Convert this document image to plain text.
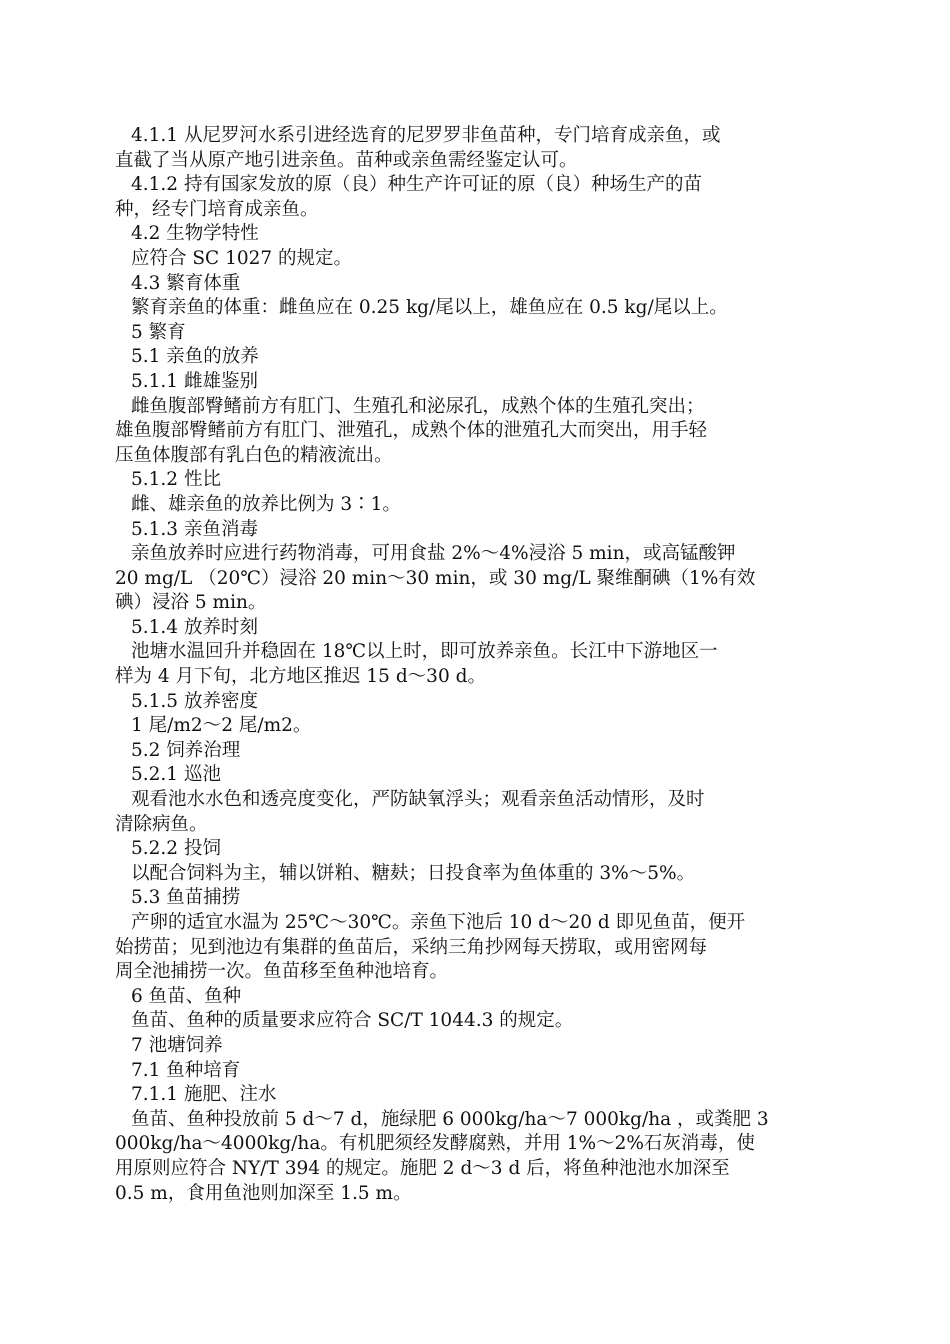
4.1.1 从尼罗河水系引进经选育的尼罗罗非鱼苗种，专门培育成亲鱼，或
直截了当从原产地引进亲鱼。苗种或亲鱼需经鉴定认可。
4.1.2 持有国家发放的原（良）种生产许可证的原（良）种场生产的苗
种，经专门培育成亲鱼。
4.2 生物学特性
应符合 SC 1027 的规定。
4.3 繁育体重
繁育亲鱼的体重：雌鱼应在 0.25 kg/尾以上，雄鱼应在 0.5 kg/尾以上。
5 繁育
5.1 亲鱼的放养
5.1.1 雌雄鉴别
雌鱼腹部臀鳍前方有肛门、生殖孔和泌尿孔，成熟个体的生殖孔突出；
雄鱼腹部臀鳍前方有肛门、泄殖孔，成熟个体的泄殖孔大而突出，用手轻
压鱼体腹部有乳白色的精液流出。
5.1.2 性比
雌、雄亲鱼的放养比例为 3∶1。
5.1.3 亲鱼消毒
亲鱼放养时应进行药物消毒，可用食盐 2%～4%浸浴 5 min，或高锰酸钾
20 mg/L （20℃）浸浴 20 min～30 min，或 30 mg/L 聚维酮碘（1%有效
碘）浸浴 5 min。
5.1.4 放养时刻
池塘水温回升并稳固在 18℃以上时，即可放养亲鱼。长江中下游地区一
样为 4 月下旬，北方地区推迟 15 d～30 d。
5.1.5 放养密度
1 尾/m2～2 尾/m2。
5.2 饲养治理
5.2.1 巡池
观看池水水色和透亮度变化，严防缺氧浮头；观看亲鱼活动情形，及时
清除病鱼。
5.2.2 投饲
以配合饲料为主，辅以饼粕、糖麸；日投食率为鱼体重的 3%～5%。
5.3 鱼苗捕捞
产卵的适宜水温为 25℃～30℃。亲鱼下池后 10 d～20 d 即见鱼苗，便开
始捞苗；见到池边有集群的鱼苗后，采纳三角抄网每天捞取，或用密网每
周全池捕捞一次。鱼苗移至鱼种池培育。
6 鱼苗、鱼种
鱼苗、鱼种的质量要求应符合 SC/T 1044.3 的规定。
7 池塘饲养
7.1 鱼种培育
7.1.1 施肥、注水
鱼苗、鱼种投放前 5 d～7 d，施绿肥 6 000kg/ha～7 000kg/ha ，或粪肥 3
000kg/ha～4000kg/ha。有机肥须经发酵腐熟，并用 1%～2%石灰消毒，使
用原则应符合 NY/T 394 的规定。施肥 2 d～3 d 后，将鱼种池池水加深至
0.5 m，食用鱼池则加深至 1.5 m。
